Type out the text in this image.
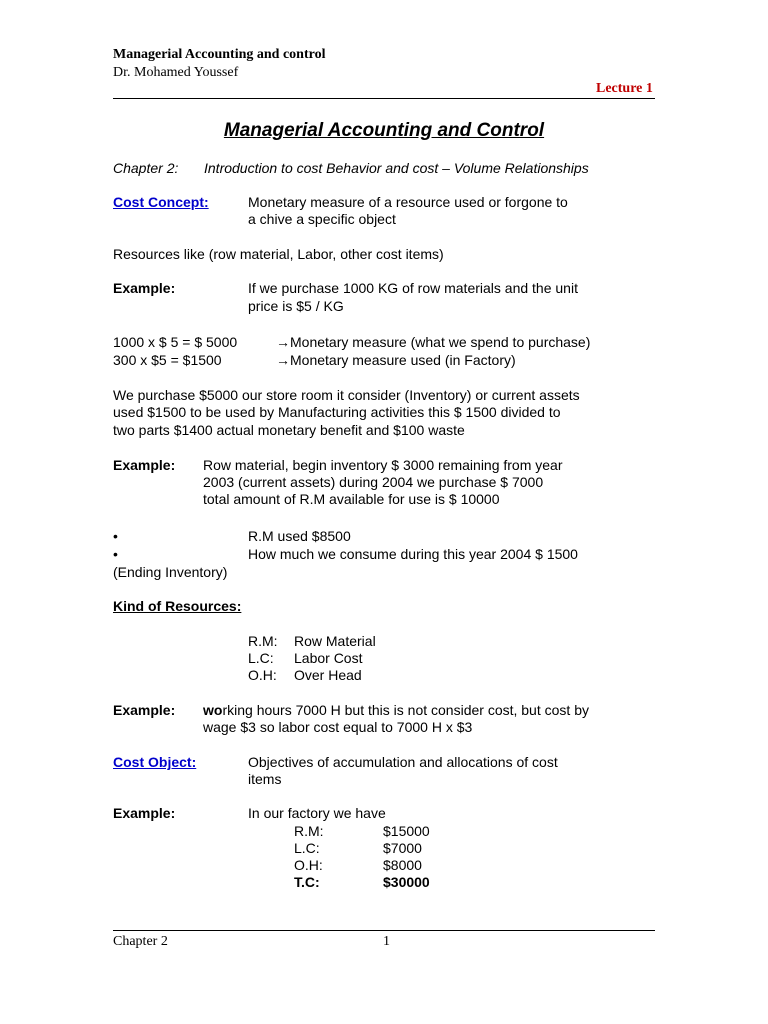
Managerial Accounting and control
Dr. Mohamed Youssef
Lecture 1
Managerial Accounting and Control
Chapter 2: Introduction to cost Behavior and cost – Volume Relationships
Cost Concept:	Monetary measure of a resource used or forgone to
a chive a specific object
Resources like (row material, Labor, other cost items)
Example:	If we purchase 1000 KG of row materials and the unit
price is $5 / KG
1000 x $ 5 = $ 5000	→Monetary measure (what we spend to purchase)
300 x $5 = $1500	→Monetary measure used (in Factory)
We purchase $5000 our store room it consider (Inventory) or current assets
used $1500 to be used by Manufacturing activities this $ 1500 divided to
two parts $1400 actual monetary benefit and $100 waste
Example: Row material, begin inventory $ 3000 remaining from year
2003 (current assets) during 2004 we purchase $ 7000
total amount of R.M available for use is $ 10000
•	R.M used $8500
•	How much we consume during this year 2004 $ 1500
(Ending Inventory)
Kind of Resources:
R.M: Row Material
L.C: Labor Cost
O.H: Over Head
Example: working hours 7000 H but this is not consider cost, but cost by
wage $3 so labor cost equal to 7000 H x $3
Cost Object:	Objectives of accumulation and allocations of cost
items
Example:	In our factory we have
R.M:	$15000
L.C:	$7000
O.H:	$8000
T.C:	$30000
Chapter 2	1
